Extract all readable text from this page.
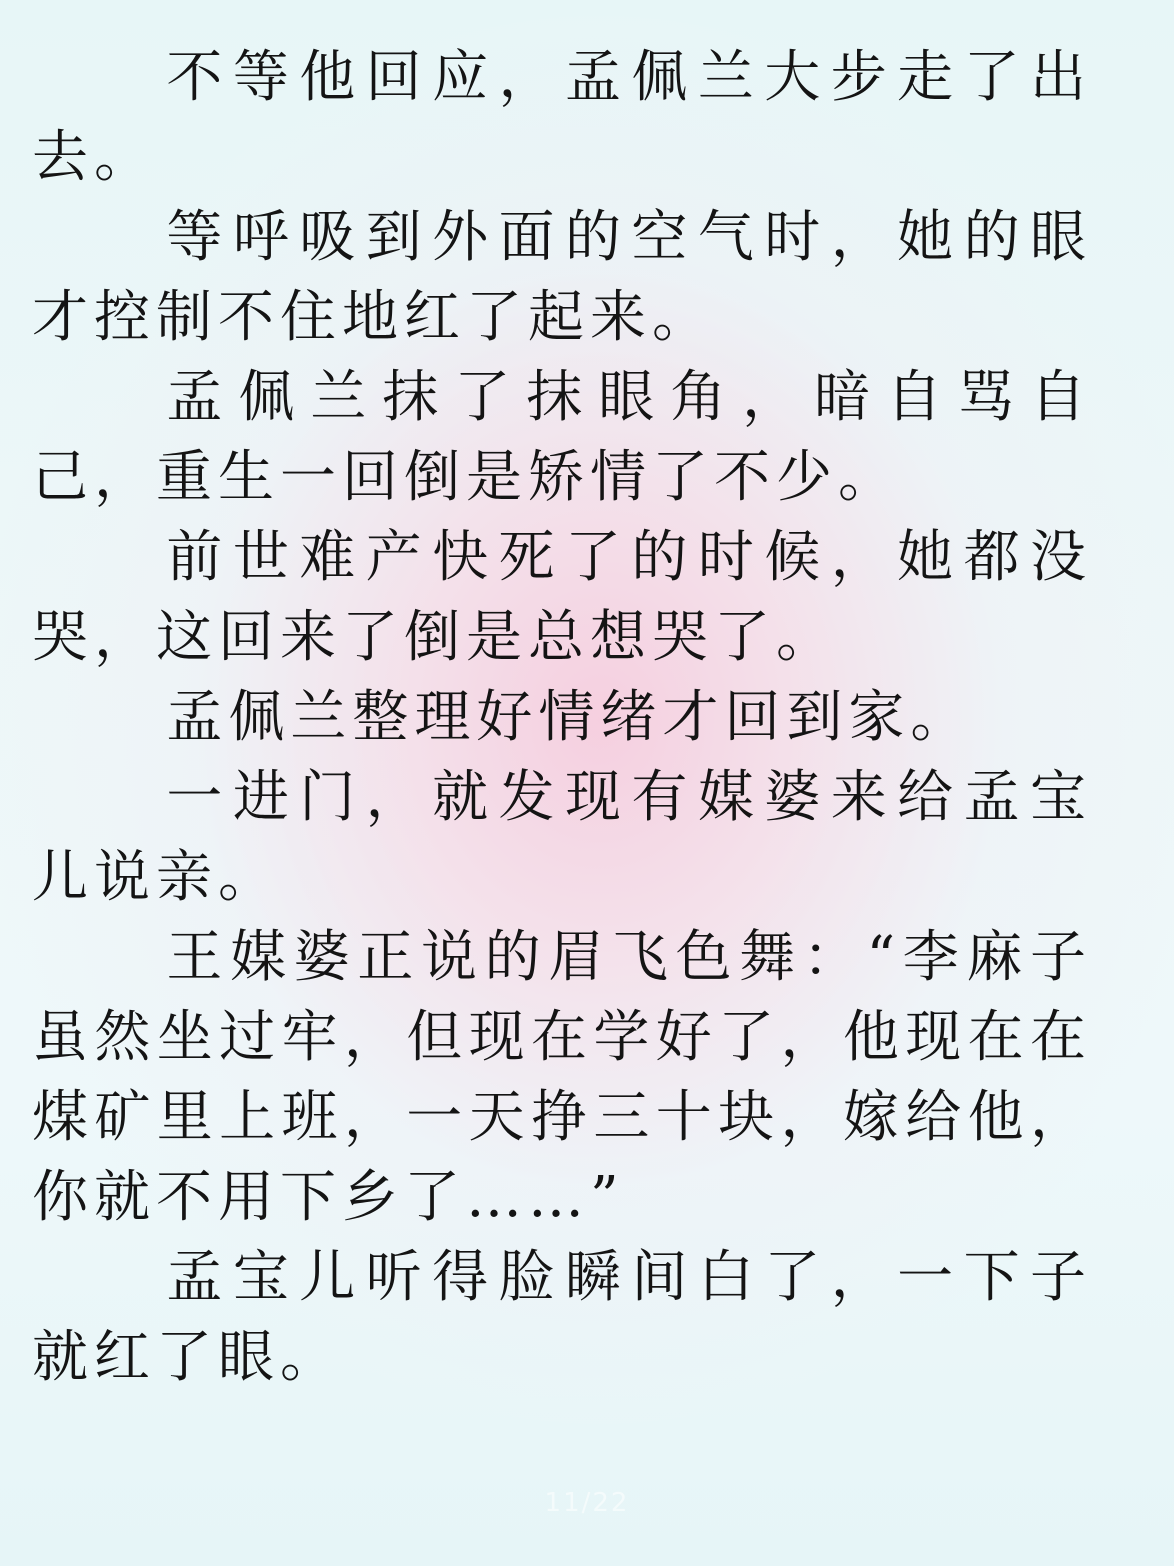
不等他回应，孟佩兰大步走了出去。

等呼吸到外面的空气时，她的眼才控制不住地红了起来。

孟佩兰抹了抹眼角，暗自骂自己，重生一回倒是矫情了不少。

前世难产快死了的时候，她都没哭，这回来了倒是总想哭了。

孟佩兰整理好情绪才回到家。

一进门，就发现有媒婆来给孟宝儿说亲。

王媒婆正说的眉飞色舞：“李麻子虽然坐过牢，但现在学好了，他现在在煤矿里上班，一天挣三十块，嫁给他，你就不用下乡了……”

孟宝儿听得脸瞬间白了，一下子就红了眼。

11/22
